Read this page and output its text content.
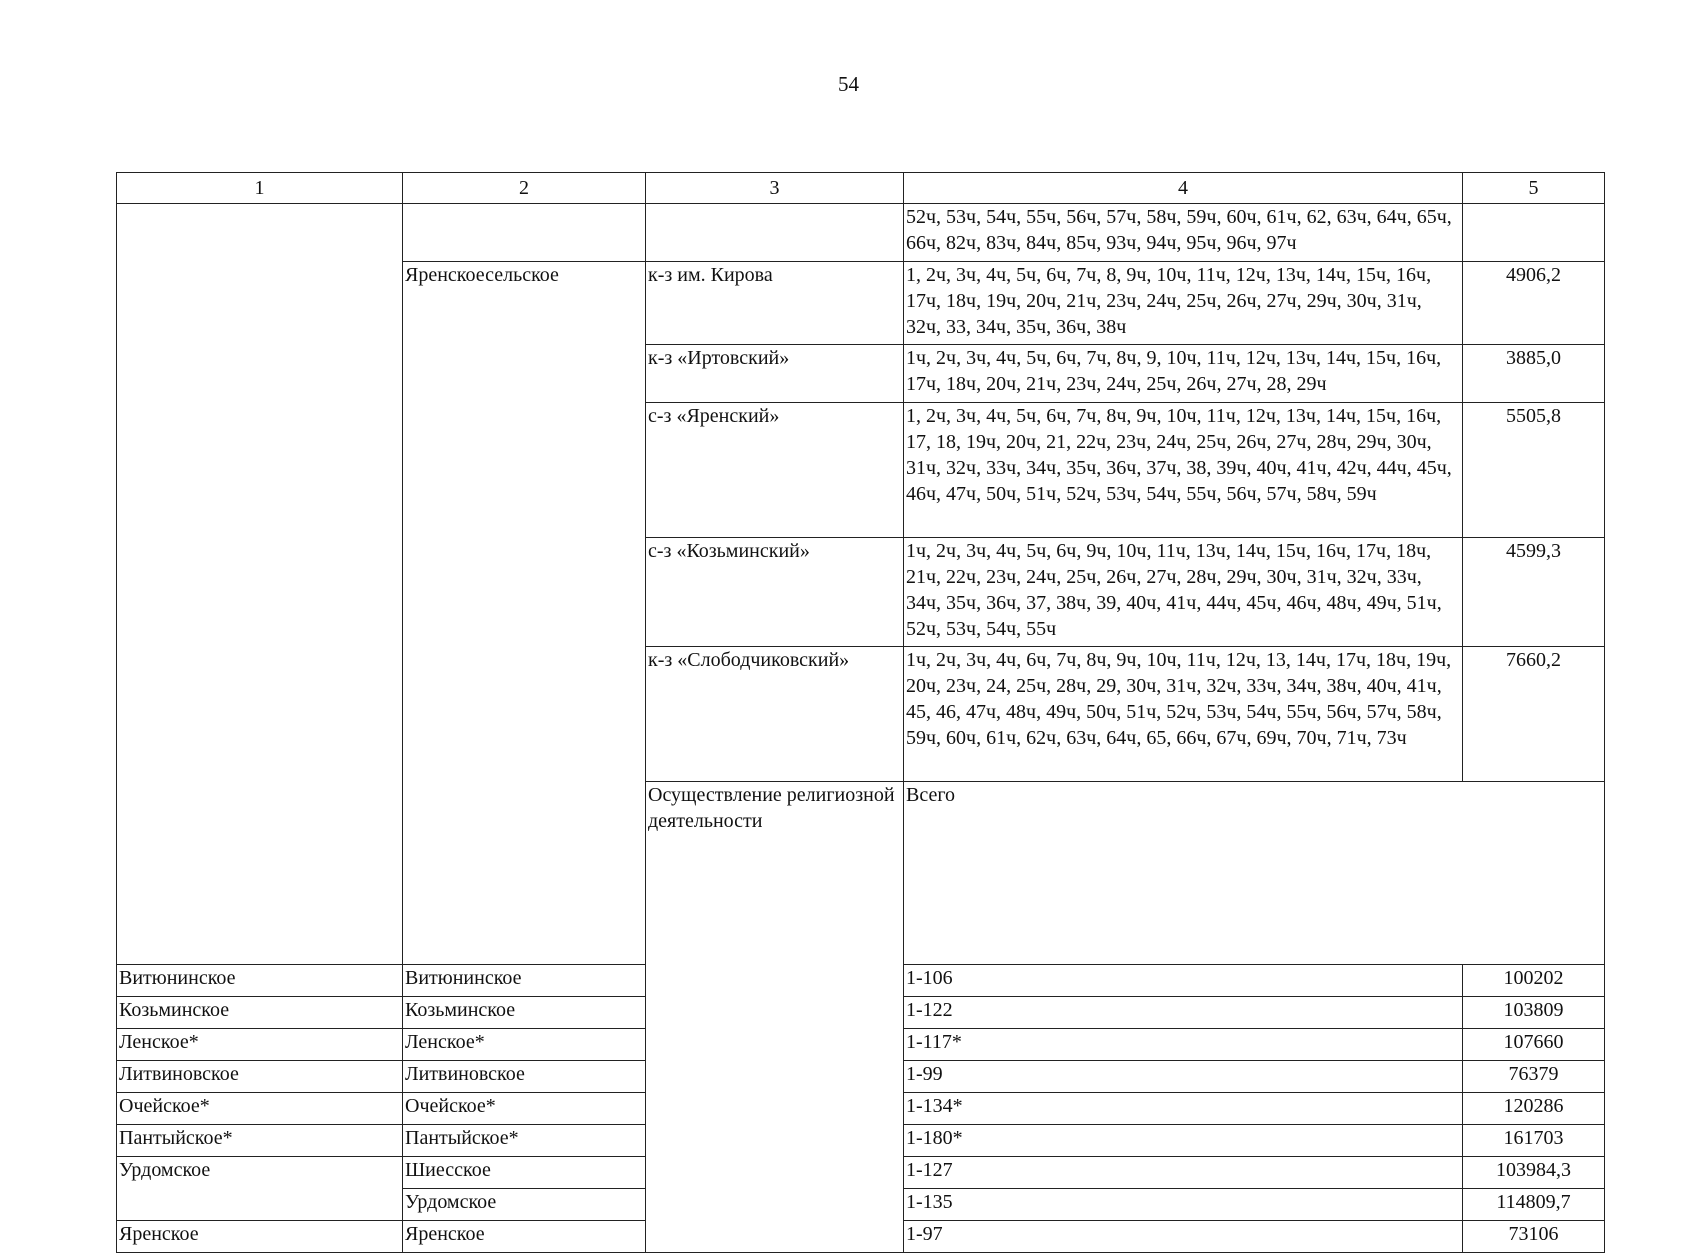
54
1	2	3	4	5	
			52ч, 53ч, 54ч, 55ч, 56ч, 57ч, 58ч, 59ч, 60ч, 61ч, 62, 63ч, 64ч, 65ч, 66ч, 82ч, 83ч, 84ч, 85ч, 93ч, 94ч, 95ч, 96ч, 97ч		
	Яренскоесельское	к-з им. Кирова	1, 2ч, 3ч, 4ч, 5ч, 6ч, 7ч, 8, 9ч, 10ч, 11ч, 12ч, 13ч, 14ч, 15ч, 16ч, 17ч, 18ч, 19ч, 20ч, 21ч, 23ч, 24ч, 25ч, 26ч, 27ч, 29ч, 30ч, 31ч, 32ч, 33, 34ч, 35ч, 36ч, 38ч	4906,2	
		к-з «Иртовский»	1ч, 2ч, 3ч, 4ч, 5ч, 6ч, 7ч, 8ч, 9, 10ч, 11ч, 12ч, 13ч, 14ч, 15ч, 16ч, 17ч, 18ч, 20ч, 21ч, 23ч, 24ч, 25ч, 26ч, 27ч, 28, 29ч	3885,0	
		с-з «Яренский»	1, 2ч, 3ч, 4ч, 5ч, 6ч, 7ч, 8ч, 9ч, 10ч, 11ч, 12ч, 13ч, 14ч, 15ч, 16ч, 17, 18, 19ч, 20ч, 21, 22ч, 23ч, 24ч, 25ч, 26ч, 27ч, 28ч, 29ч, 30ч, 31ч, 32ч, 33ч, 34ч, 35ч, 36ч, 37ч, 38, 39ч, 40ч, 41ч, 42ч, 44ч, 45ч, 46ч, 47ч, 50ч, 51ч, 52ч, 53ч, 54ч, 55ч, 56ч, 57ч, 58ч, 59ч	5505,8	
		с-з «Козьминский»	1ч, 2ч, 3ч, 4ч, 5ч, 6ч, 9ч, 10ч, 11ч, 13ч, 14ч, 15ч, 16ч, 17ч, 18ч, 21ч, 22ч, 23ч, 24ч, 25ч, 26ч, 27ч, 28ч, 29ч, 30ч, 31ч, 32ч, 33ч, 34ч, 35ч, 36ч, 37, 38ч, 39, 40ч, 41ч, 44ч, 45ч, 46ч, 48ч, 49ч, 51ч, 52ч, 53ч, 54ч, 55ч	4599,3	
		к-з «Слободчиковский»	1ч, 2ч, 3ч, 4ч, 6ч, 7ч, 8ч, 9ч, 10ч, 11ч, 12ч, 13, 14ч, 17ч, 18ч, 19ч, 20ч, 23ч, 24, 25ч, 28ч, 29, 30ч, 31ч, 32ч, 33ч, 34ч, 38ч, 40ч, 41ч, 45, 46, 47ч, 48ч, 49ч, 50ч, 51ч, 52ч, 53ч, 54ч, 55ч, 56ч, 57ч, 58ч, 59ч, 60ч, 61ч, 62ч, 63ч, 64ч, 65, 66ч, 67ч, 69ч, 70ч, 71ч, 73ч	7660,2	
		Осуществление религиозной деятельности	Всего	
Витюнинское	Витюнинское		1-106	100202	
Козьминское	Козьминское		1-122	103809	
Ленское*	Ленское*		1-117*	107660	
Литвиновское	Литвиновское		1-99	76379	
Очейское*	Очейское*		1-134*	120286	
Пантыйское*	Пантыйское*		1-180*	161703	
Урдомское	Шиесское		1-127	103984,3	
	Урдомское		1-135	114809,7	
Яренское	Яренское		1-97	73106	
